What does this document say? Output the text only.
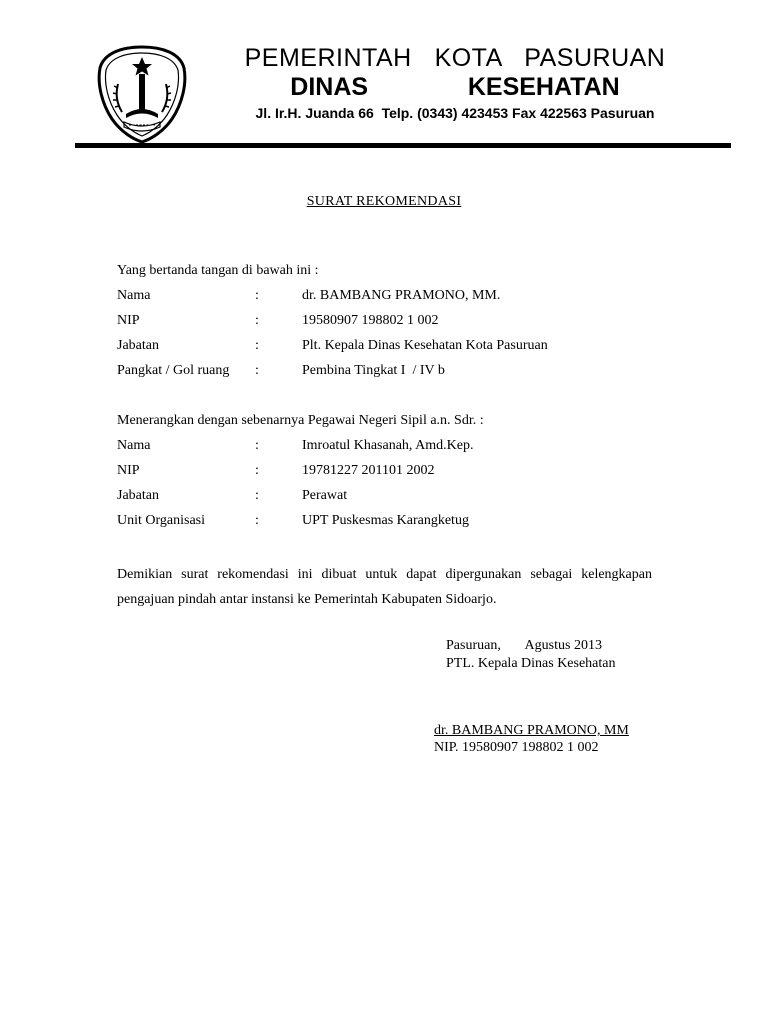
PEMERINTAH  KOTA  PASURUAN
DINAS    KESEHATAN
Jl. Ir.H. Juanda 66  Telp. (0343) 423453 Fax 422563 Pasuruan
SURAT REKOMENDASI
Yang bertanda tangan di bawah ini :
Nama	:	dr. BAMBANG PRAMONO, MM.
NIP	:	19580907 198802 1 002
Jabatan	:	Plt. Kepala Dinas Kesehatan Kota Pasuruan
Pangkat / Gol ruang :	Pembina Tingkat I  / IV b
Menerangkan dengan sebenarnya Pegawai Negeri Sipil a.n. Sdr. :
Nama	:	Imroatul Khasanah, Amd.Kep.
NIP	:	19781227 201101 2002
Jabatan	:	Perawat
Unit Organisasi	:	UPT Puskesmas Karangketug
Demikian surat rekomendasi ini dibuat untuk dapat dipergunakan sebagai kelengkapan pengajuan pindah antar instansi ke Pemerintah Kabupaten Sidoarjo.
Pasuruan,       Agustus 2013
PTL. Kepala Dinas Kesehatan
dr. BAMBANG PRAMONO, MM
NIP. 19580907 198802 1 002
